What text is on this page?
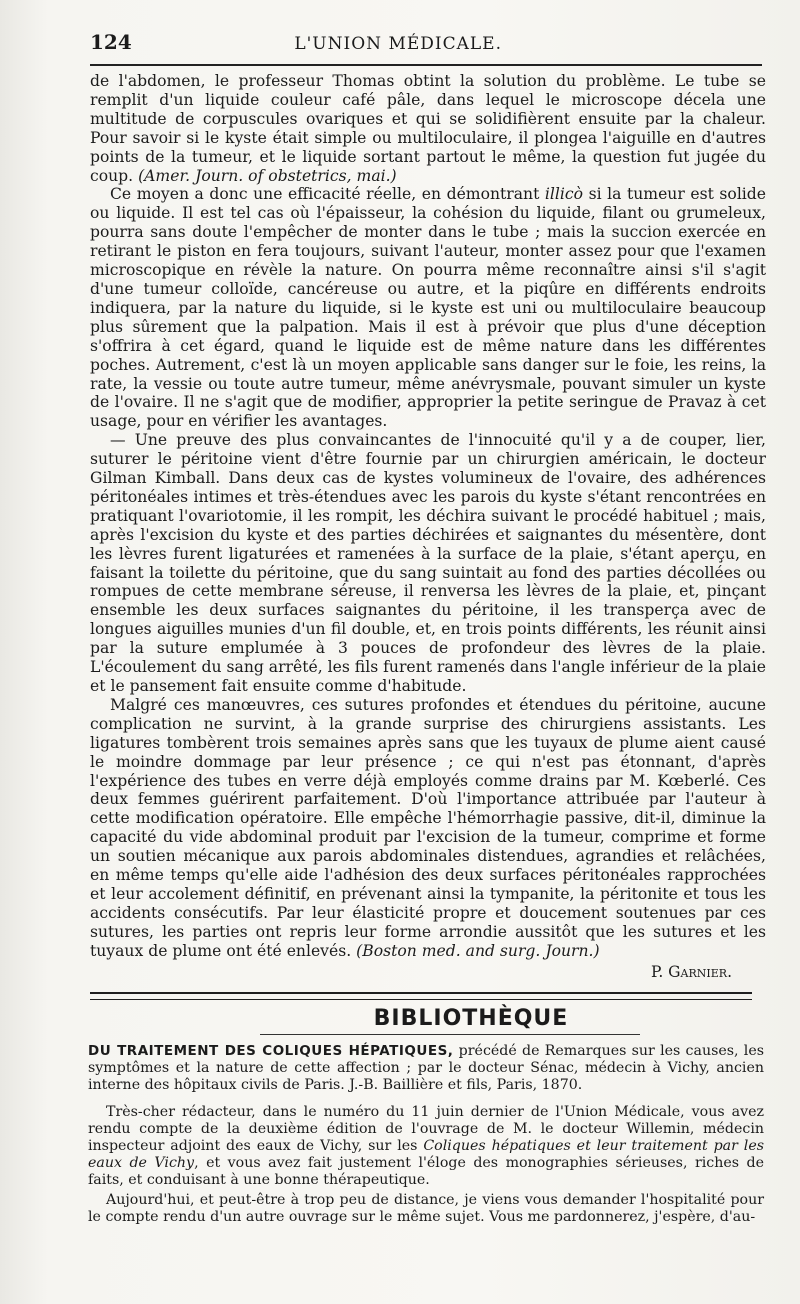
124	L'UNION MÉDICALE.

de l'abdomen, le professeur Thomas obtint la solution du problème. Le tube se remplit d'un liquide couleur café pâle, dans lequel le microscope décela une multitude de corpuscules ovariques et qui se solidifièrent ensuite par la chaleur. Pour savoir si le kyste était simple ou multiloculaire, il plongea l'aiguille en d'autres points de la tumeur, et le liquide sortant partout le même, la question fut jugée du coup. (Amer. Journ. of obstetrics, mai.)

Ce moyen a donc une efficacité réelle, en démontrant illicò si la tumeur est solide ou liquide. Il est tel cas où l'épaisseur, la cohésion du liquide, filant ou grumeleux, pourra sans doute l'empêcher de monter dans le tube ; mais la succion exercée en retirant le piston en fera toujours, suivant l'auteur, monter assez pour que l'examen microscopique en révèle la nature. On pourra même reconnaître ainsi s'il s'agit d'une tumeur colloïde, cancéreuse ou autre, et la piqûre en différents endroits indiquera, par la nature du liquide, si le kyste est uni ou multiloculaire beaucoup plus sûrement que la palpation. Mais il est à prévoir que plus d'une déception s'offrira à cet égard, quand le liquide est de même nature dans les différentes poches. Autrement, c'est là un moyen applicable sans danger sur le foie, les reins, la rate, la vessie ou toute autre tumeur, même anévrysmale, pouvant simuler un kyste de l'ovaire. Il ne s'agit que de modifier, approprier la petite seringue de Pravaz à cet usage, pour en vérifier les avantages.

— Une preuve des plus convaincantes de l'innocuité qu'il y a de couper, lier, suturer le péritoine vient d'être fournie par un chirurgien américain, le docteur Gilman Kimball. Dans deux cas de kystes volumineux de l'ovaire, des adhérences péritonéales intimes et très-étendues avec les parois du kyste s'étant rencontrées en pratiquant l'ovariotomie, il les rompit, les déchira suivant le procédé habituel ; mais, après l'excision du kyste et des parties déchirées et saignantes du mésentère, dont les lèvres furent ligaturées et ramenées à la surface de la plaie, s'étant aperçu, en faisant la toilette du péritoine, que du sang suintait au fond des parties décollées ou rompues de cette membrane séreuse, il renversa les lèvres de la plaie, et, pinçant ensemble les deux surfaces saignantes du péritoine, il les transperça avec de longues aiguilles munies d'un fil double, et, en trois points différents, les réunit ainsi par la suture emplumée à 3 pouces de profondeur des lèvres de la plaie. L'écoulement du sang arrêté, les fils furent ramenés dans l'angle inférieur de la plaie et le pansement fait ensuite comme d'habitude.

Malgré ces manœuvres, ces sutures profondes et étendues du péritoine, aucune complication ne survint, à la grande surprise des chirurgiens assistants. Les ligatures tombèrent trois semaines après sans que les tuyaux de plume aient causé le moindre dommage par leur présence ; ce qui n'est pas étonnant, d'après l'expérience des tubes en verre déjà employés comme drains par M. Kœberlé. Ces deux femmes guérirent parfaitement. D'où l'importance attribuée par l'auteur à cette modification opératoire. Elle empêche l'hémorrhagie passive, dit-il, diminue la capacité du vide abdominal produit par l'excision de la tumeur, comprime et forme un soutien mécanique aux parois abdominales distendues, agrandies et relâchées, en même temps qu'elle aide l'adhésion des deux surfaces péritonéales rapprochées et leur accolement définitif, en prévenant ainsi la tympanite, la péritonite et tous les accidents consécutifs. Par leur élasticité propre et doucement soutenues par ces sutures, les parties ont repris leur forme arrondie aussitôt que les sutures et les tuyaux de plume ont été enlevés. (Boston med. and surg. Journ.)

P. Garnier.
BIBLIOTHÈQUE
DU TRAITEMENT DES COLIQUES HÉPATIQUES, précédé de Remarques sur les causes, les symptômes et la nature de cette affection ; par le docteur Sénac, médecin à Vichy, ancien interne des hôpitaux civils de Paris. J.-B. Baillière et fils, Paris, 1870.

Très-cher rédacteur, dans le numéro du 11 juin dernier de l'Union Médicale, vous avez rendu compte de la deuxième édition de l'ouvrage de M. le docteur Willemin, médecin inspecteur adjoint des eaux de Vichy, sur les Coliques hépatiques et leur traitement par les eaux de Vichy, et vous avez fait justement l'éloge des monographies sérieuses, riches de faits, et conduisant à une bonne thérapeutique.

Aujourd'hui, et peut-être à trop peu de distance, je viens vous demander l'hospitalité pour le compte rendu d'un autre ouvrage sur le même sujet. Vous me pardonnerez, j'espère, d'au-
